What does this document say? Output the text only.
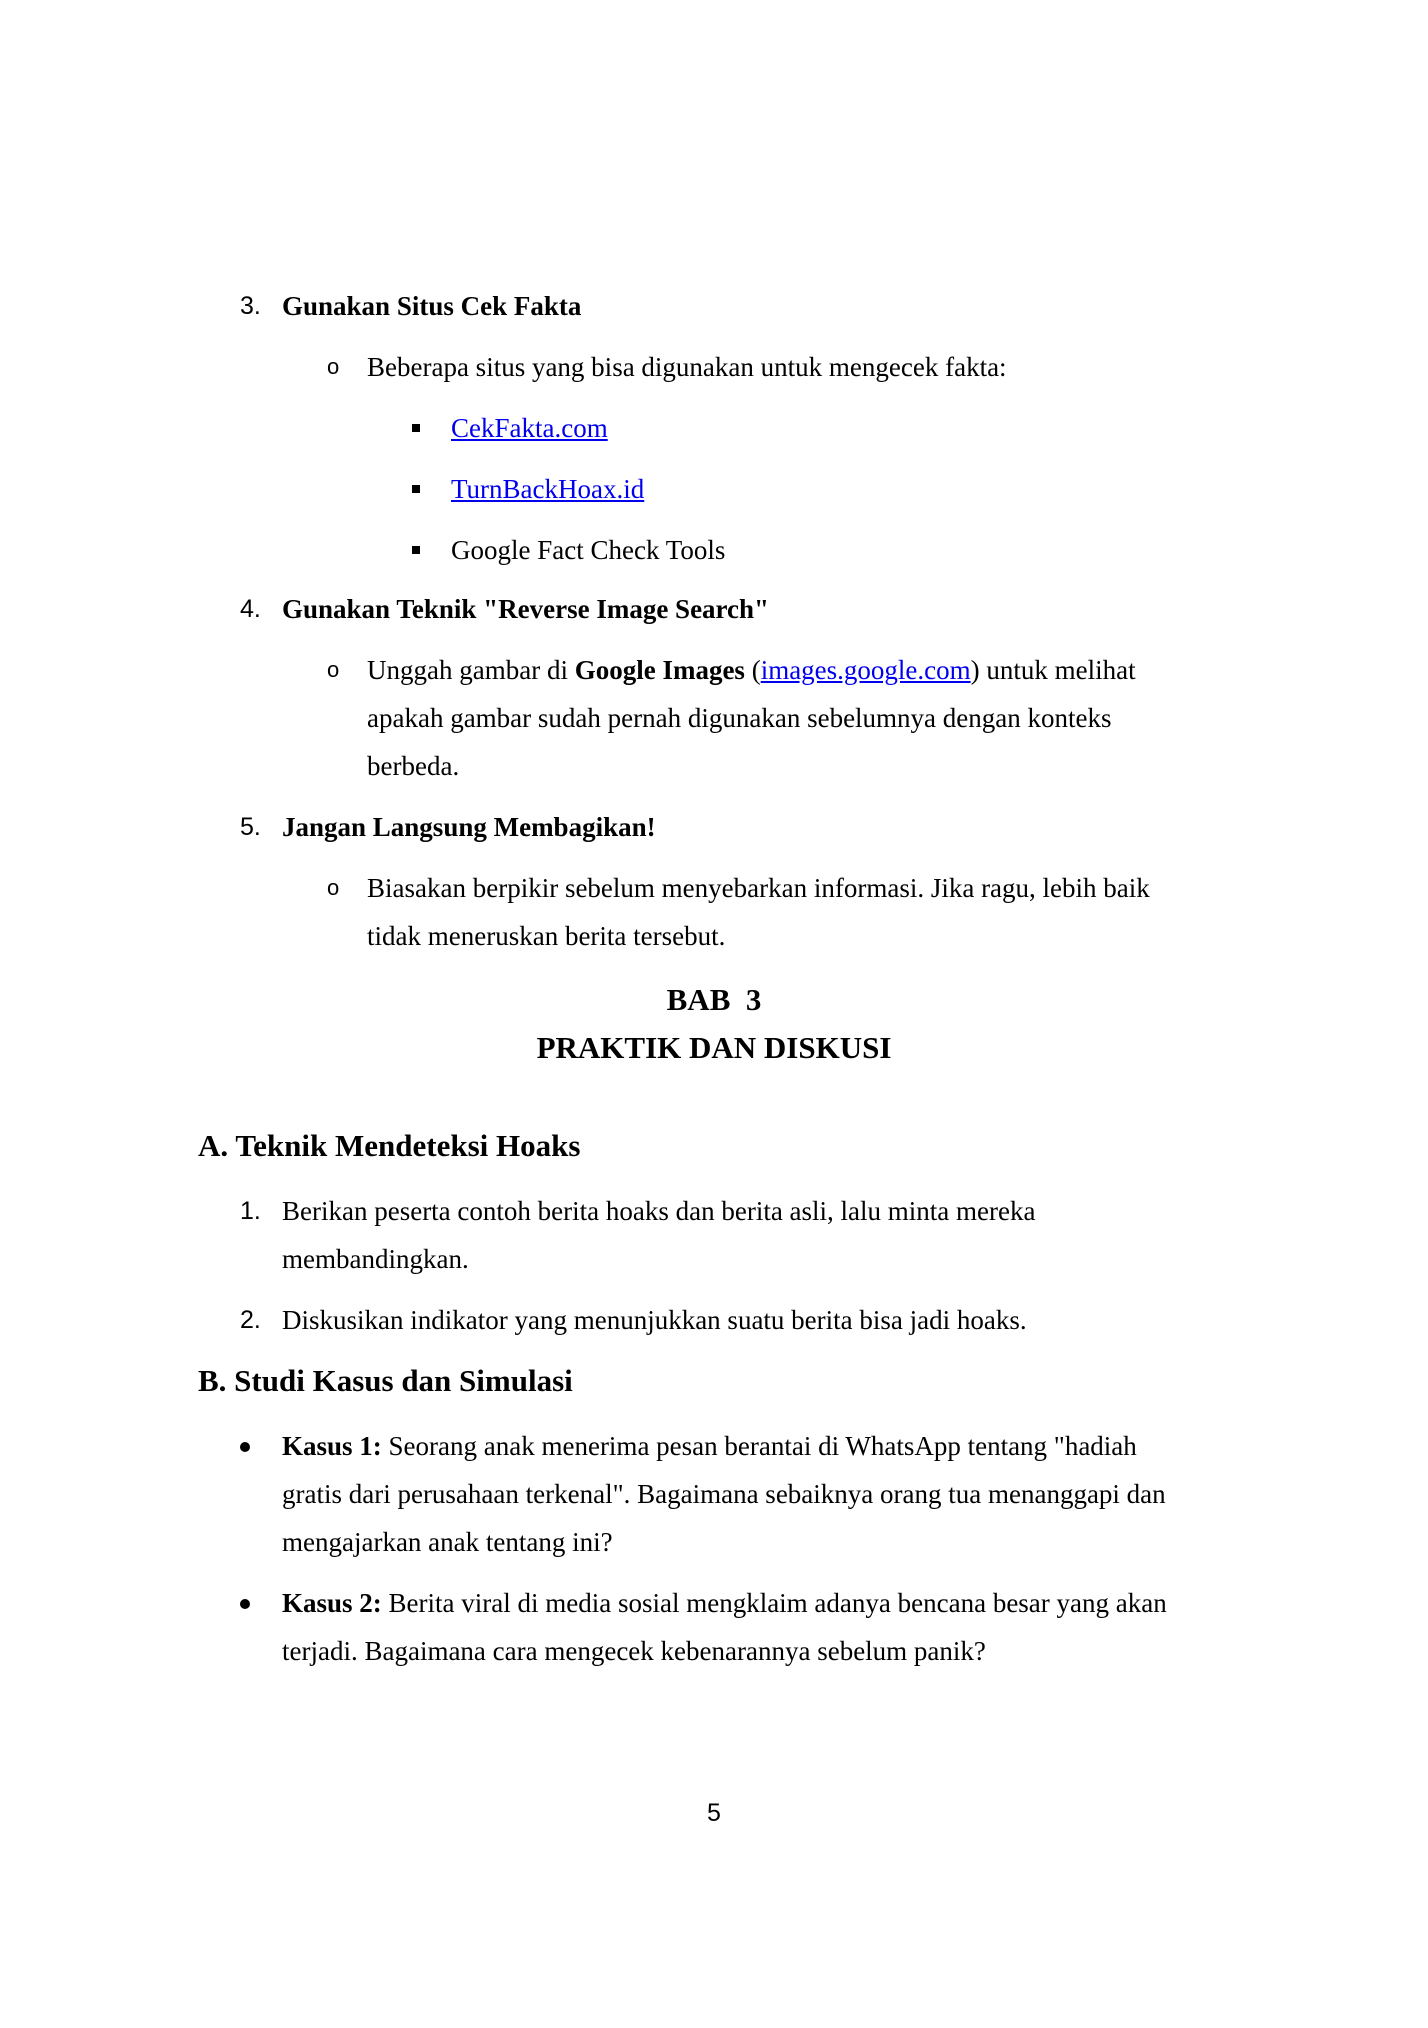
3. Gunakan Situs Cek Fakta
o Beberapa situs yang bisa digunakan untuk mengecek fakta:
CekFakta.com
TurnBackHoax.id
Google Fact Check Tools
4. Gunakan Teknik "Reverse Image Search"
o Unggah gambar di Google Images (images.google.com) untuk melihat
apakah gambar sudah pernah digunakan sebelumnya dengan konteks
berbeda.
5. Jangan Langsung Membagikan!
o Biasakan berpikir sebelum menyebarkan informasi. Jika ragu, lebih baik
tidak meneruskan berita tersebut.
BAB  3
PRAKTIK DAN DISKUSI
A. Teknik Mendeteksi Hoaks
1. Berikan peserta contoh berita hoaks dan berita asli, lalu minta mereka
membandingkan.
2. Diskusikan indikator yang menunjukkan suatu berita bisa jadi hoaks.
B. Studi Kasus dan Simulasi
Kasus 1: Seorang anak menerima pesan berantai di WhatsApp tentang "hadiah
gratis dari perusahaan terkenal". Bagaimana sebaiknya orang tua menanggapi dan
mengajarkan anak tentang ini?
Kasus 2: Berita viral di media sosial mengklaim adanya bencana besar yang akan
terjadi. Bagaimana cara mengecek kebenarannya sebelum panik?
5
